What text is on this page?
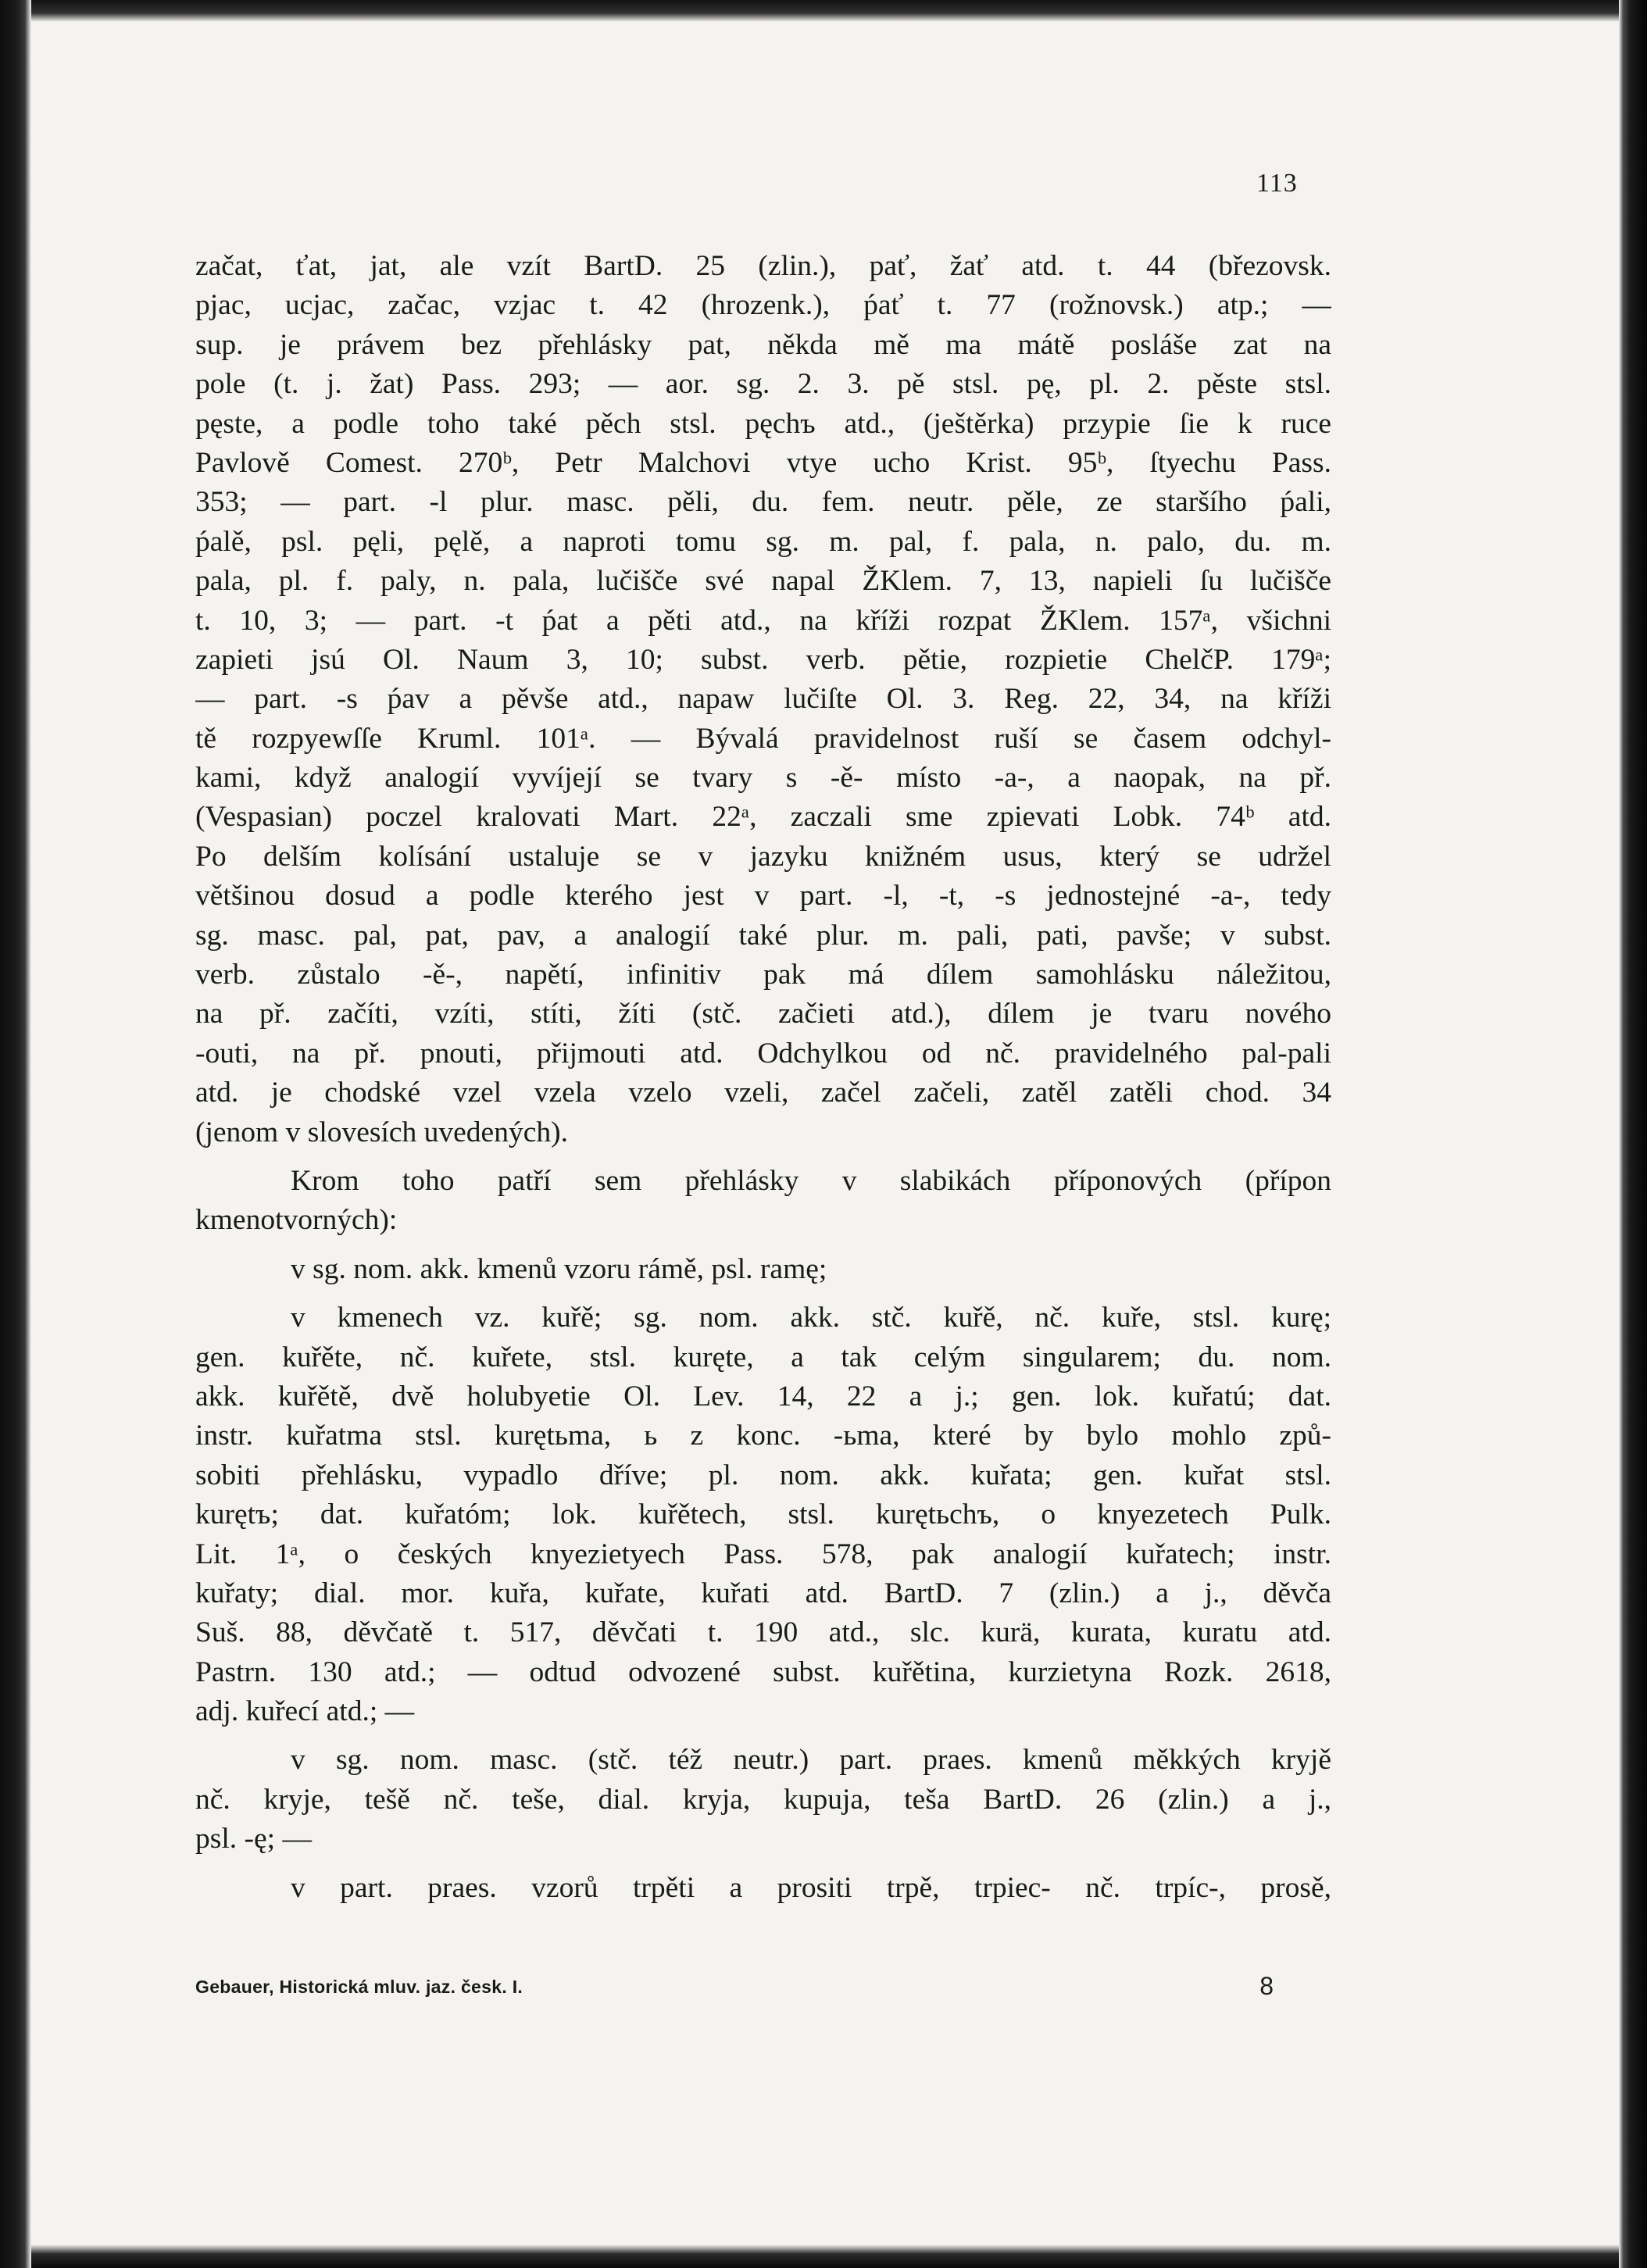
113
začat, ťat, jat, ale vzít BartD. 25 (zlin.), pať, žať atd. t. 44 (březovsk.
pjac, ucjac, začac, vzjac t. 42 (hrozenk.), ṕať t. 77 (rožnovsk.) atp.; —
sup. je právem bez přehlásky pat, někda mě ma mátě posláše zat na
pole (t. j. žat) Pass. 293; — aor. sg. 2. 3. pě stsl. pę, pl. 2. pěste stsl.
pęste, a podle toho také pěch stsl. pęchъ atd., (ještěrka) przypie ſie k ruce
Pavlově Comest. 270ᵇ, Petr Malchovi vtye ucho Krist. 95ᵇ, ſtyechu Pass.
353; — part. -l plur. masc. pěli, du. fem. neutr. pěle, ze staršího ṕali,
ṕalě, psl. pęli, pęlě, a naproti tomu sg. m. pal, f. pala, n. palo, du. m.
pala, pl. f. paly, n. pala, lučišče své napal ŽKlem. 7, 13, napieli ſu lučišče
t. 10, 3; — part. -t ṕat a pěti atd., na kříži rozpat ŽKlem. 157ᵃ, všichni
zapieti jsú Ol. Naum 3, 10; subst. verb. pětie, rozpietie ChelčP. 179ᵃ;
— part. -s ṕav a pěvše atd., napaw lučiſte Ol. 3. Reg. 22, 34, na kříži
tě rozpyewſſe Kruml. 101ᵃ. — Bývalá pravidelnost ruší se časem odchyl-
kami, když analogií vyvíjejí se tvary s -ě- místo -a-, a naopak, na př.
(Vespasian) poczel kralovati Mart. 22ᵃ, zaczali sme zpievati Lobk. 74ᵇ atd.
Po delším kolísání ustaluje se v jazyku knižném usus, který se udržel
většinou dosud a podle kterého jest v part. -l, -t, -s jednostejné -a-, tedy
sg. masc. pal, pat, pav, a analogií také plur. m. pali, pati, pavše; v subst.
verb. zůstalo -ě-, napětí, infinitiv pak má dílem samohlásku náležitou,
na př. začíti, vzíti, stíti, žíti (stč. začieti atd.), dílem je tvaru nového
-outi, na př. pnouti, přijmouti atd. Odchylkou od nč. pravidelného pal-pali
atd. je chodské vzel vzela vzelo vzeli, začel začeli, zatěl zatěli chod. 34
(jenom v slovesích uvedených).
Krom toho patří sem přehlásky v slabikách příponových (přípon
kmenotvorných):
v sg. nom. akk. kmenů vzoru rámě, psl. ramę;
v kmenech vz. kuřě; sg. nom. akk. stč. kuřě, nč. kuře, stsl. kurę;
gen. kuřěte, nč. kuřete, stsl. kuręte, a tak celým singularem; du. nom.
akk. kuřětě, dvě holubyetie Ol. Lev. 14, 22 a j.; gen. lok. kuřatú; dat.
instr. kuřatma stsl. kurętьma, ь z konc. -ьma, které by bylo mohlo způ-
sobiti přehlásku, vypadlo dříve; pl. nom. akk. kuřata; gen. kuřat stsl.
kurętъ; dat. kuřatóm; lok. kuřětech, stsl. kurętьchъ, o knyezetech Pulk.
Lit. 1ᵃ, o českých knyezietyech Pass. 578, pak analogií kuřatech; instr.
kuřaty; dial. mor. kuřa, kuřate, kuřati atd. BartD. 7 (zlin.) a j., děvča
Suš. 88, děvčatě t. 517, děvčati t. 190 atd., slc. kurä, kurata, kuratu atd.
Pastrn. 130 atd.; — odtud odvozené subst. kuřětina, kurzietyna Rozk. 2618,
adj. kuřecí atd.; —
v sg. nom. masc. (stč. též neutr.) part. praes. kmenů měkkých kryjě
nč. kryje, tešě nč. teše, dial. kryja, kupuja, teša BartD. 26 (zlin.) a j.,
psl. -ę; —
v part. praes. vzorů trpěti a prositi trpě, trpiec- nč. trpíc-, prosě,
Gebauer, Historická mluv. jaz. česk. I.	8
